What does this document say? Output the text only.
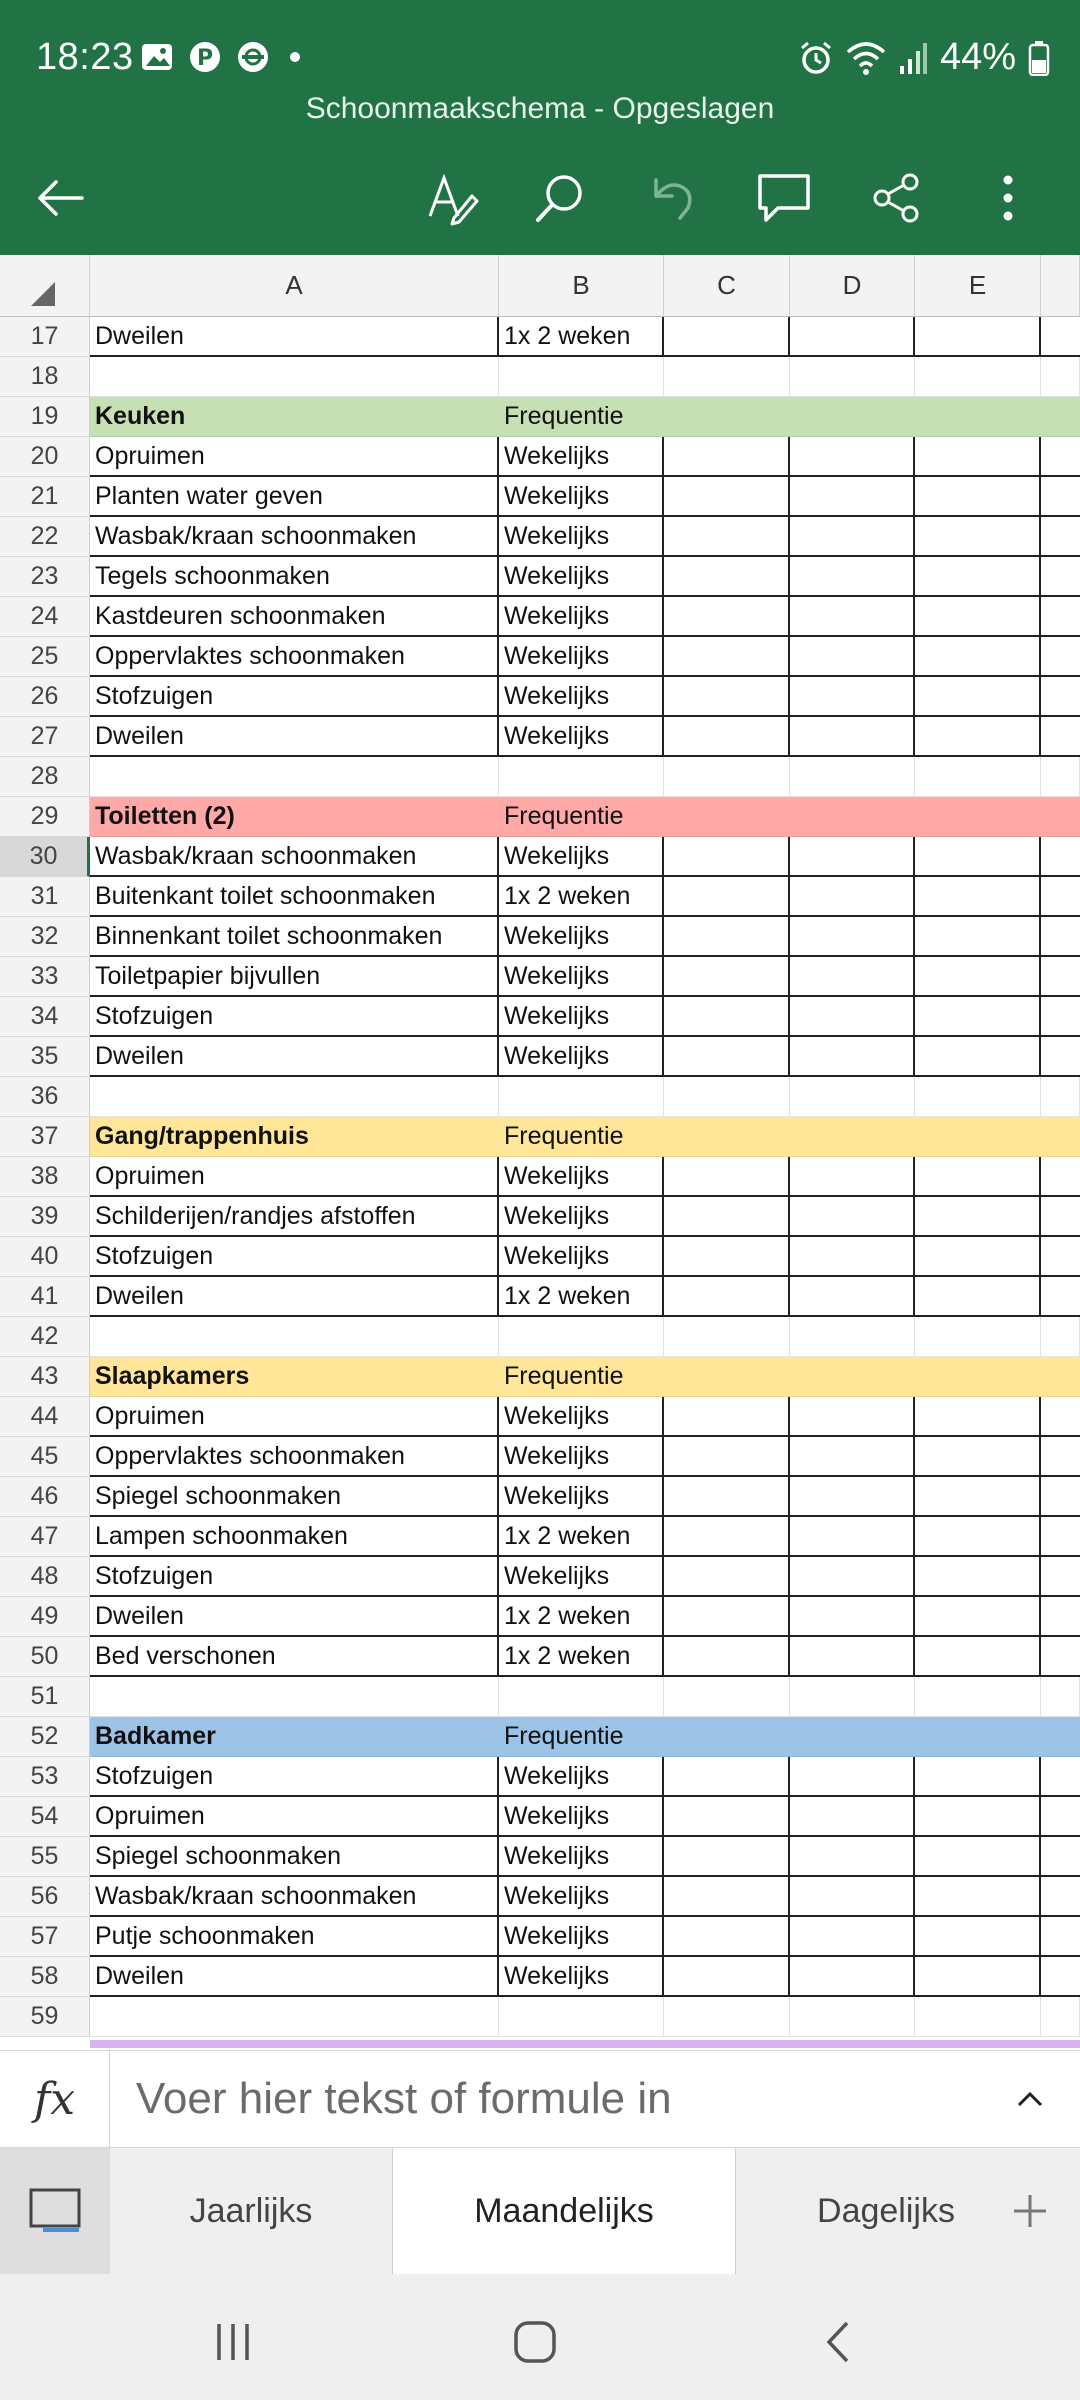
18:23	P	44%
Schoonmaakschema - Opgeslagen
A	B	C	D	E
17	Dweilen	1x 2 weken
18
19	Keuken	Frequentie
20	Opruimen	Wekelijks
21	Planten water geven	Wekelijks
22	Wasbak/kraan schoonmaken	Wekelijks
23	Tegels schoonmaken	Wekelijks
24	Kastdeuren schoonmaken	Wekelijks
25	Oppervlaktes schoonmaken	Wekelijks
26	Stofzuigen	Wekelijks
27	Dweilen	Wekelijks
28
29	Toiletten (2)	Frequentie
30	Wasbak/kraan schoonmaken	Wekelijks
31	Buitenkant toilet schoonmaken	1x 2 weken
32	Binnenkant toilet schoonmaken	Wekelijks
33	Toiletpapier bijvullen	Wekelijks
34	Stofzuigen	Wekelijks
35	Dweilen	Wekelijks
36
37	Gang/trappenhuis	Frequentie
38	Opruimen	Wekelijks
39	Schilderijen/randjes afstoffen	Wekelijks
40	Stofzuigen	Wekelijks
41	Dweilen	1x 2 weken
42
43	Slaapkamers	Frequentie
44	Opruimen	Wekelijks
45	Oppervlaktes schoonmaken	Wekelijks
46	Spiegel schoonmaken	Wekelijks
47	Lampen schoonmaken	1x 2 weken
48	Stofzuigen	Wekelijks
49	Dweilen	1x 2 weken
50	Bed verschonen	1x 2 weken
51
52	Badkamer	Frequentie
53	Stofzuigen	Wekelijks
54	Opruimen	Wekelijks
55	Spiegel schoonmaken	Wekelijks
56	Wasbak/kraan schoonmaken	Wekelijks
57	Putje schoonmaken	Wekelijks
58	Dweilen	Wekelijks
59
fx	Voer hier tekst of formule in
Jaarlijks	Maandelijks	Dagelijks
